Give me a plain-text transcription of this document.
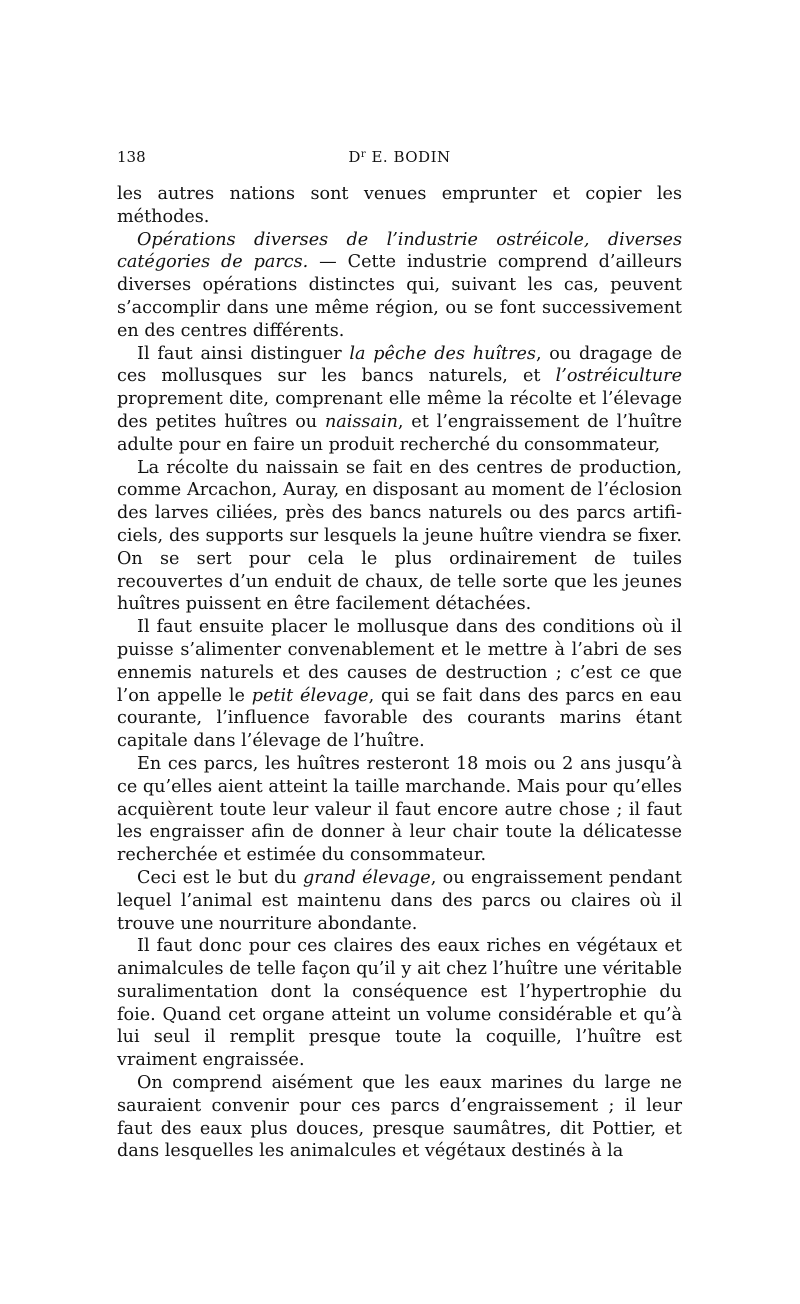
138	$D^r$ E. BODIN

les autres nations sont venues emprunter et copier les méthodes.

Opérations diverses de l’industrie ostréicole, diverses catégories de parcs. — Cette industrie comprend d’ailleurs diverses opérations distinctes qui, suivant les cas, peuvent s’accomplir dans une même région, ou se font successivement en des centres différents.

Il faut ainsi distinguer la pêche des huîtres, ou dragage de ces mollusques sur les bancs naturels, et l’ostréiculture proprement dite, comprenant elle même la récolte et l’élevage des petites huîtres ou naissain, et l’engraissement de l’huître adulte pour en faire un produit recherché du consommateur,

La récolte du naissain se fait en des centres de production, comme Arcachon, Auray, en disposant au moment de l’éclosion des larves ciliées, près des bancs naturels ou des parcs artificiels, des supports sur lesquels la jeune huître viendra se fixer. On se sert pour cela le plus ordinairement de tuiles recouvertes d’un enduit de chaux, de telle sorte que les jeunes huîtres puissent en être facilement détachées.

Il faut ensuite placer le mollusque dans des conditions où il puisse s’alimenter convenablement et le mettre à l’abri de ses ennemis naturels et des causes de destruction ; c’est ce que l’on appelle le petit élevage, qui se fait dans des parcs en eau courante, l’influence favorable des courants marins étant capitale dans l’élevage de l’huître.

En ces parcs, les huîtres resteront 18 mois ou 2 ans jusqu’à ce qu’elles aient atteint la taille marchande. Mais pour qu’elles acquièrent toute leur valeur il faut encore autre chose ; il faut les engraisser afin de donner à leur chair toute la délicatesse recherchée et estimée du consommateur.

Ceci est le but du grand élevage, ou engraissement pendant lequel l’animal est maintenu dans des parcs ou claires où il trouve une nourriture abondante.

Il faut donc pour ces claires des eaux riches en végétaux et animalcules de telle façon qu’il y ait chez l’huître une véritable suralimentation dont la conséquence est l’hypertrophie du foie. Quand cet organe atteint un volume considérable et qu’à lui seul il remplit presque toute la coquille, l’huître est vraiment engraissée.

On comprend aisément que les eaux marines du large ne sauraient convenir pour ces parcs d’engraissement ; il leur faut des eaux plus douces, presque saumâtres, dit Pottier, et dans lesquelles les animalcules et végétaux destinés à la
